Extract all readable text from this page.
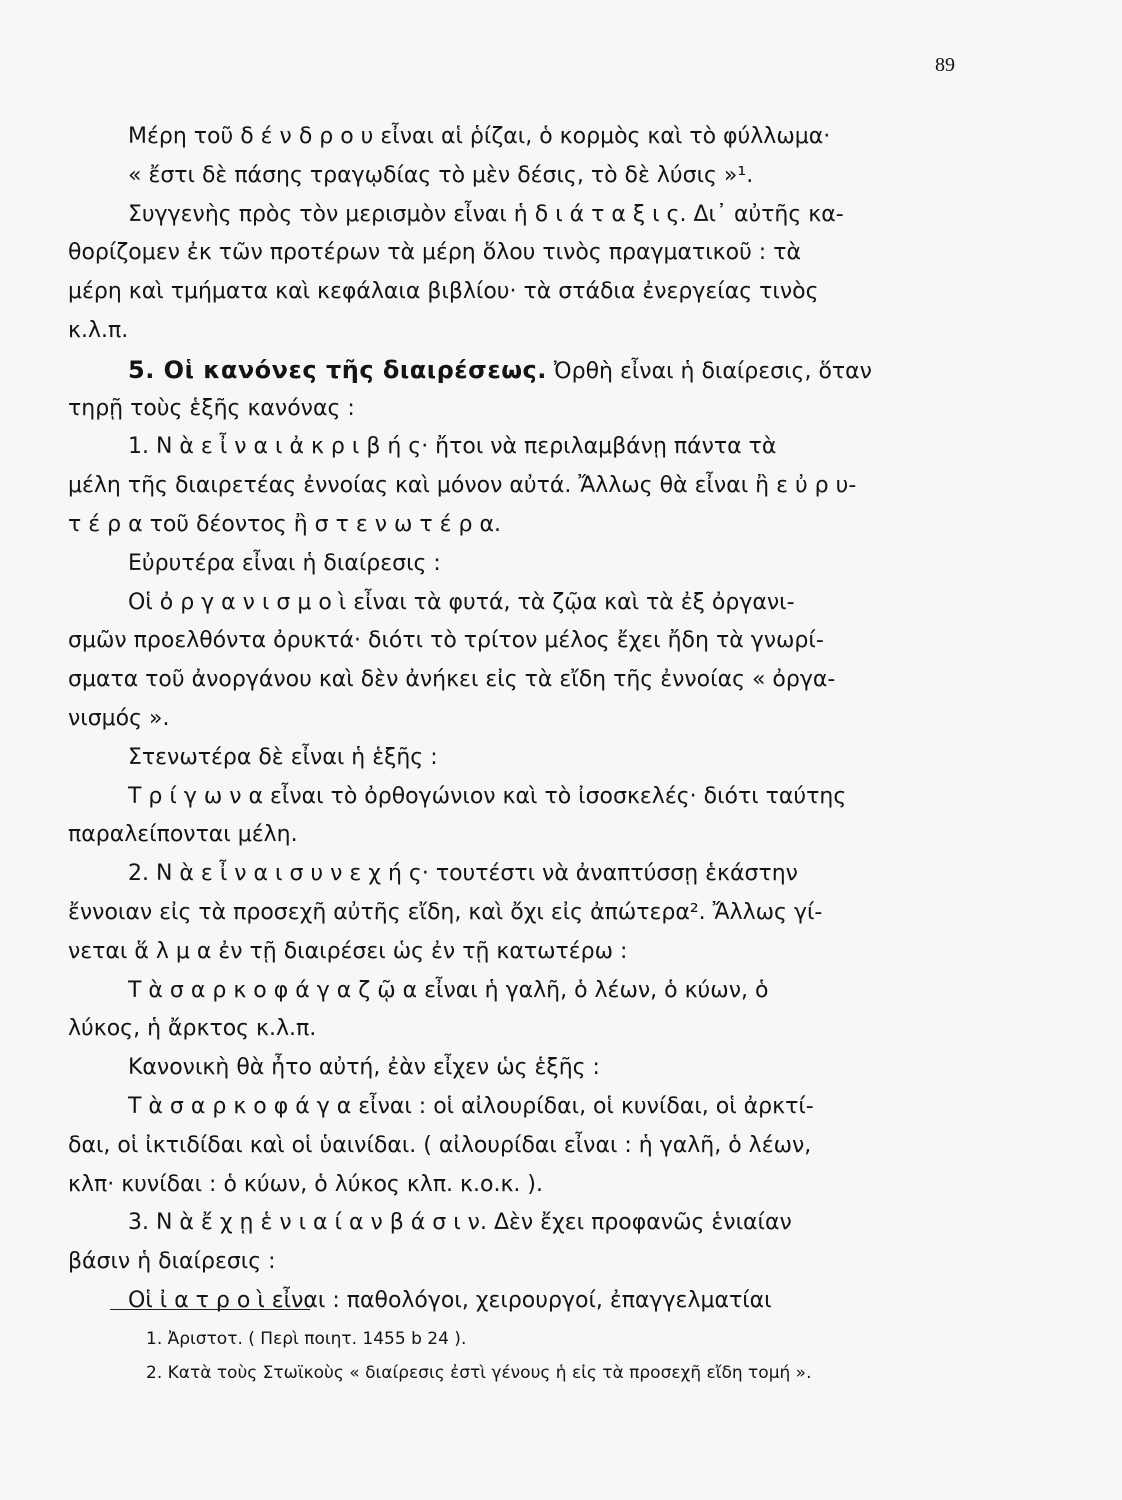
89
Μέρη τοῦ δ έ ν δ ρ ο υ εἶναι αἱ ῥίζαι, ὁ κορμὸς καὶ τὸ φύλλωμα·
« ἔστι δὲ πάσης τραγῳδίας τὸ μὲν δέσις, τὸ δὲ λύσις »¹.
Συγγενὴς πρὸς τὸν μερισμὸν εἶναι ἡ δ ι ά τ α ξ ι ς. Δι᾽ αὐτῆς κα-
θορίζομεν ἐκ τῶν προτέρων τὰ μέρη ὅλου τινὸς πραγματικοῦ : τὰ
μέρη καὶ τμήματα καὶ κεφάλαια βιβλίου· τὰ στάδια ἐνεργείας τινὸς
κ.λ.π.
5. Οἱ κανόνες τῆς διαιρέσεως. Ὀρθὴ εἶναι ἡ διαίρεσις, ὅταν
τηρῇ τοὺς ἑξῆς κανόνας :
1. Ν ὰ ε ἶ ν α ι ἀ κ ρ ι β ή ς· ἤτοι νὰ περιλαμβάνῃ πάντα τὰ
μέλη τῆς διαιρετέας ἐννοίας καὶ μόνον αὐτά. Ἄλλως θὰ εἶναι ἢ ε ὐ ρ υ-
τ έ ρ α τοῦ δέοντος ἢ σ τ ε ν ω τ έ ρ α.
Εὐρυτέρα εἶναι ἡ διαίρεσις :
Οἱ ὀ ρ γ α ν ι σ μ ο ὶ εἶναι τὰ φυτά, τὰ ζῷα καὶ τὰ ἐξ ὀργανι-
σμῶν προελθόντα ὀρυκτά· διότι τὸ τρίτον μέλος ἔχει ἤδη τὰ γνωρί-
σματα τοῦ ἀνοργάνου καὶ δὲν ἀνήκει εἰς τὰ εἴδη τῆς ἐννοίας « ὀργα-
νισμός ».
Στενωτέρα δὲ εἶναι ἡ ἑξῆς :
Τ ρ ί γ ω ν α εἶναι τὸ ὀρθογώνιον καὶ τὸ ἰσοσκελές· διότι ταύτης
παραλείπονται μέλη.
2. Ν ὰ ε ἶ ν α ι σ υ ν ε χ ή ς· τουτέστι νὰ ἀναπτύσσῃ ἑκάστην
ἔννοιαν εἰς τὰ προσεχῆ αὐτῆς εἴδη, καὶ ὄχι εἰς ἀπώτερα². Ἄλλως γί-
νεται ἅ λ μ α ἐν τῇ διαιρέσει ὡς ἐν τῇ κατωτέρω :
Τ ὰ σ α ρ κ ο φ ά γ α ζ ῷ α εἶναι ἡ γαλῆ, ὁ λέων, ὁ κύων, ὁ
λύκος, ἡ ἄρκτος κ.λ.π.
Κανονικὴ θὰ ἦτο αὐτή, ἐὰν εἶχεν ὡς ἑξῆς :
Τ ὰ σ α ρ κ ο φ ά γ α εἶναι : οἱ αἰλουρίδαι, οἱ κυνίδαι, οἱ ἀρκτί-
δαι, οἱ ἰκτιδίδαι καὶ οἱ ὑαινίδαι. ( αἰλουρίδαι εἶναι : ἡ γαλῆ, ὁ λέων,
κλπ· κυνίδαι : ὁ κύων, ὁ λύκος κλπ. κ.ο.κ. ).
3. Ν ὰ ἔ χ ῃ ἑ ν ι α ί α ν β ά σ ι ν. Δὲν ἔχει προφανῶς ἑνιαίαν
βάσιν ἡ διαίρεσις :
Οἱ ἰ α τ ρ ο ὶ εἶναι : παθολόγοι, χειρουργοί, ἐπαγγελματίαι
1. Ἀριστοτ. ( Περὶ ποιητ. 1455 b 24 ).
2. Κατὰ τοὺς Στωϊκοὺς « διαίρεσις ἐστὶ γένους ἡ εἰς τὰ προσεχῆ εἴδη τομή ».
